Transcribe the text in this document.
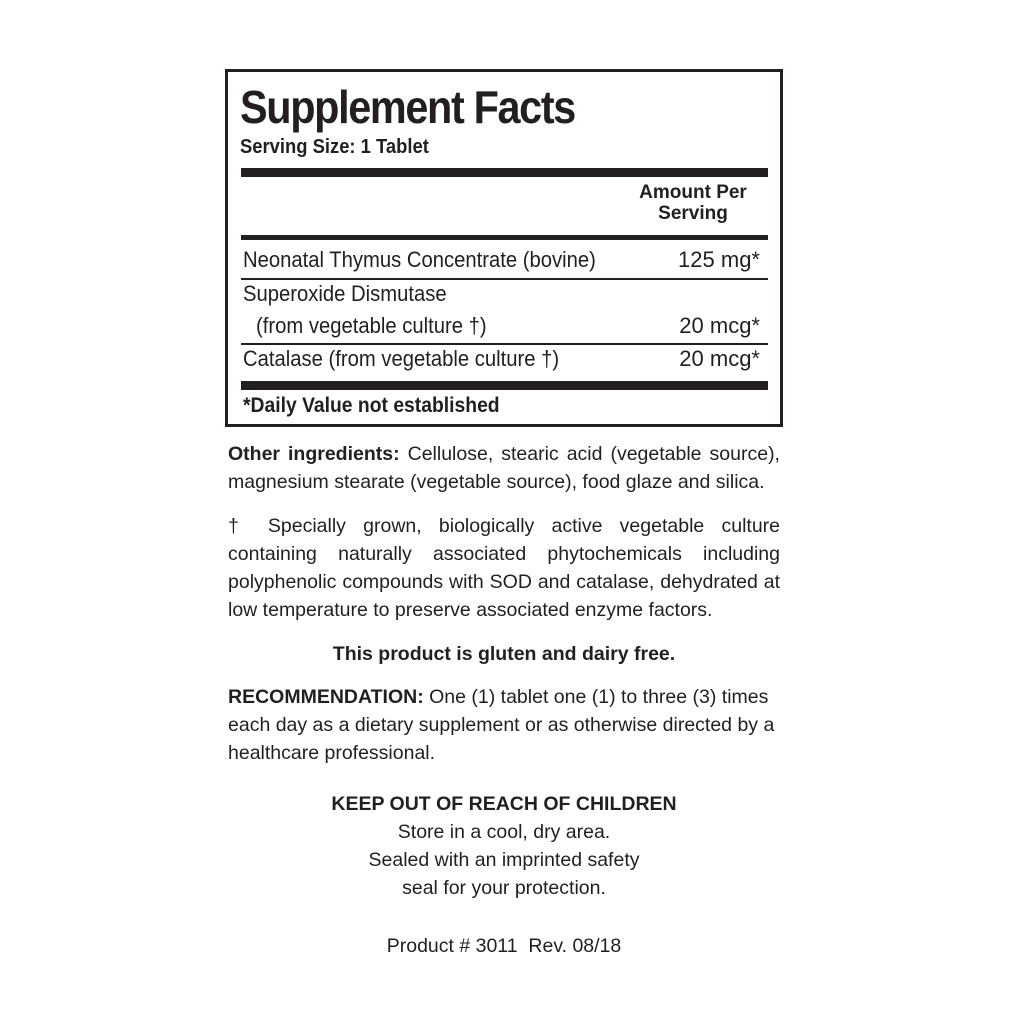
Supplement Facts
Serving Size: 1 Tablet
Amount Per
Serving
Neonatal Thymus Concentrate (bovine)	125 mg*
Superoxide Dismutase
(from vegetable culture †)	20 mcg*
Catalase (from vegetable culture †)	20 mcg*
*Daily Value not established
Other ingredients: Cellulose, stearic acid (vegetable source), magnesium stearate (vegetable source), food glaze and silica.
† Specially grown, biologically active vegetable culture containing naturally associated phytochemicals including polyphenolic compounds with SOD and catalase, dehydrated at low temperature to preserve associated enzyme factors.
This product is gluten and dairy free.
RECOMMENDATION: One (1) tablet one (1) to three (3) times each day as a dietary supplement or as otherwise directed by a healthcare professional.
KEEP OUT OF REACH OF CHILDREN
Store in a cool, dry area.
Sealed with an imprinted safety
seal for your protection.
Product # 3011  Rev. 08/18
